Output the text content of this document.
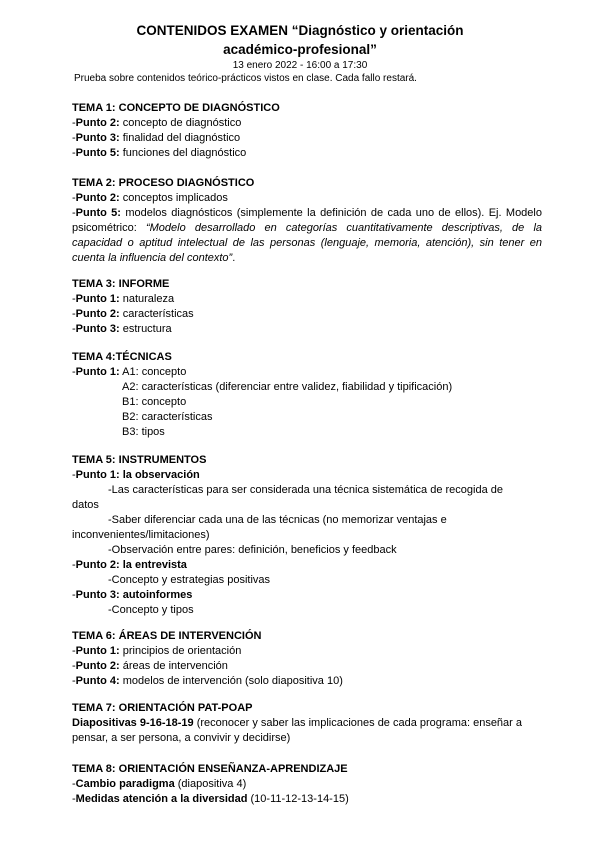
CONTENIDOS EXAMEN “Diagnóstico y orientación
académico-profesional”
13 enero 2022 - 16:00 a 17:30
Prueba sobre contenidos teórico-prácticos vistos en clase. Cada fallo restará.

TEMA 1: CONCEPTO DE DIAGNÓSTICO

-Punto 2: concepto de diagnóstico

-Punto 3: finalidad del diagnóstico

-Punto 5: funciones del diagnóstico

TEMA 2: PROCESO DIAGNÓSTICO

-Punto 2: conceptos implicados

-Punto 5: modelos diagnósticos (simplemente la definición de cada uno de ellos). Ej. Modelo psicométrico: “Modelo desarrollado en categorías cuantitativamente descriptivas, de la capacidad o aptitud intelectual de las personas (lenguaje, memoria, atención), sin tener en cuenta la influencia del contexto”.

TEMA 3: INFORME

-Punto 1: naturaleza

-Punto 2: características

-Punto 3: estructura

TEMA 4:TÉCNICAS

-Punto 1: A1: concepto

A2: características (diferenciar entre validez, fiabilidad y tipificación)

B1: concepto

B2: características

B3: tipos

TEMA 5: INSTRUMENTOS

-Punto 1: la observación

-Las características para ser considerada una técnica sistemática de recogida de

datos

-Saber diferenciar cada una de las técnicas (no memorizar ventajas e

inconvenientes/limitaciones)

-Observación entre pares: definición, beneficios y feedback

-Punto 2: la entrevista

-Concepto y estrategias positivas

-Punto 3: autoinformes

-Concepto y tipos

TEMA 6: ÁREAS DE INTERVENCIÓN

-Punto 1: principios de orientación

-Punto 2: áreas de intervención

-Punto 4: modelos de intervención (solo diapositiva 10)

TEMA 7: ORIENTACIÓN PAT-POAP

Diapositivas 9-16-18-19 (reconocer y saber las implicaciones de cada programa: enseñar a pensar, a ser persona, a convivir y decidirse)

TEMA 8: ORIENTACIÓN ENSEÑANZA-APRENDIZAJE

-Cambio paradigma (diapositiva 4)

-Medidas atención a la diversidad (10-11-12-13-14-15)
